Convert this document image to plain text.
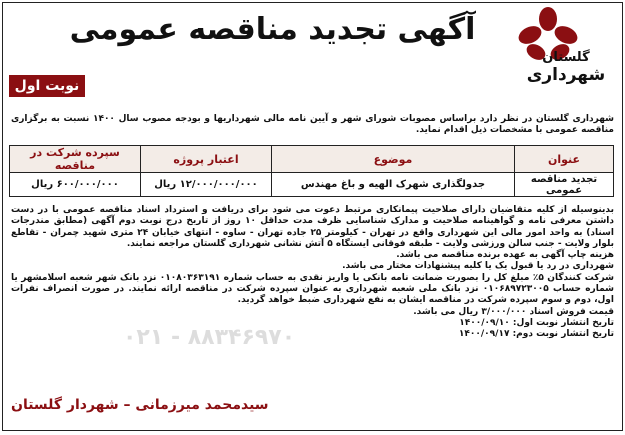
گلستان
شهرداری
آگهی تجدید مناقصه عمومی
نوبت اول
شهرداری گلستان در نظر دارد براساس مصوبات شورای شهر و آیین نامه مالی شهرداریها و بودجه مصوب سال ۱۴۰۰ نسبت به برگزاری مناقصه عمومی با مشخصات ذیل اقدام نماید.
عنوان	موضوع	اعتبار پروژه	سپرده شرکت در مناقصه
تجدید مناقصه عمومی	جدولگذاری شهرک الهیه و باغ مهندس	۱۲/۰۰۰/۰۰۰/۰۰۰ ریال	۶۰۰/۰۰۰/۰۰۰ ریال

بدینوسیله از کلیه متقاضیان دارای صلاحیت پیمانکاری مرتبط دعوت می شود برای دریافت و استرداد اسناد مناقصه عمومی با در دست داشتن معرفی نامه و گواهینامه صلاحیت و مدارک شناسایی ظرف مدت حداقل ۱۰ روز از تاریخ درج نوبت دوم آگهی (مطابق مندرجات اسناد) به واحد امور مالی این شهرداری واقع در تهران - کیلومتر ۲۵ جاده تهران - ساوه - انتهای خیابان ۲۴ متری شهید چمران - تقاطع بلوار ولایت - جنب سالن ورزشی ولایت - طبقه فوقانی ایستگاه ۵ آتش نشانی شهرداری گلستان مراجعه نمایند.

هزینه چاپ آگهی به عهده برنده مناقصه می باشد.

شهرداری در رد یا قبول یک یا کلیه پیشنهادات مختار می باشد.

شرکت کنندگان ۵٪ مبلغ کل را بصورت ضمانت نامه بانکی یا واریز نقدی به حساب شماره ۰۱۰۸۰۳۶۳۱۹۱ نزد بانک شهر شعبه اسلامشهر یا شماره حساب ۰۱۰۶۸۹۷۲۳۰۰۵ نزد بانک ملی شعبه شهرداری به عنوان سپرده شرکت در مناقصه ارائه نمایند. در صورت انصراف نفرات اول، دوم و سوم سپرده شرکت در مناقصه ایشان به نفع شهرداری ضبط خواهد گردید.

قیمت فروش اسناد ۳/۰۰۰/۰۰۰ ریال می باشد.

تاریخ انتشار نوبت اول: ۱۴۰۰/۰۹/۱۰

تاریخ انتشار نوبت دوم: ۱۴۰۰/۰۹/۱۷

۰۲۱ - ۸۸۳۴۶۹۷۰
سیدمحمد میرزمانی – شهردار گلستان
